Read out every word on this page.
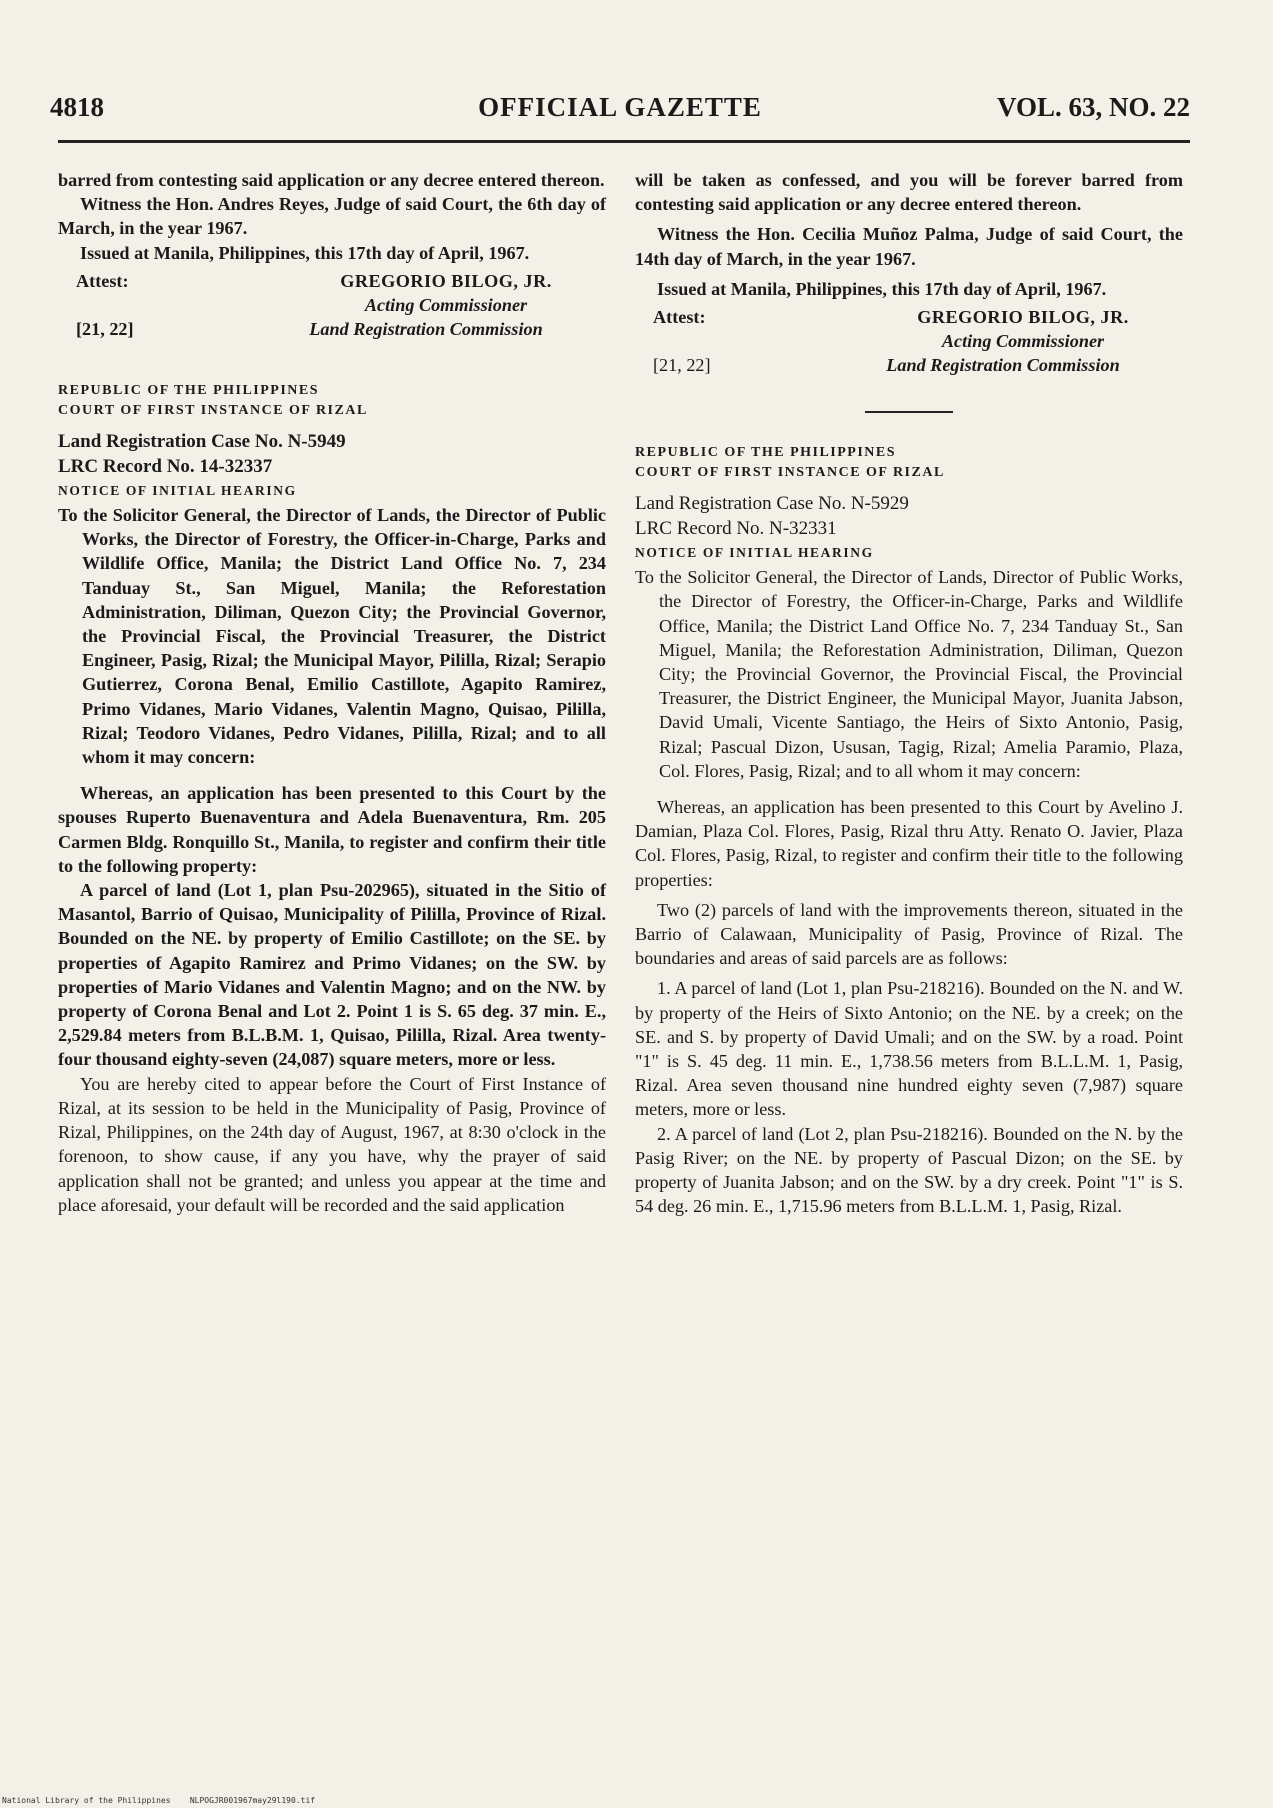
4818	OFFICIAL GAZETTE	VOL. 63, NO. 22

barred from contesting said application or any decree entered thereon.

Witness the Hon. Andres Reyes, Judge of said Court, the 6th day of March, in the year 1967.

Issued at Manila, Philippines, this 17th day of April, 1967.

Attest:	GREGORIO BILOG, JR.
Acting Commissioner
[21, 22]	Land Registration Commission

REPUBLIC OF THE PHILIPPINES

COURT OF FIRST INSTANCE OF RIZAL

Land Registration Case No. N-5949

LRC Record No. 14-32337

NOTICE OF INITIAL HEARING

To the Solicitor General, the Director of Lands, the Director of Public Works, the Director of Forestry, the Officer-in-Charge, Parks and Wildlife Office, Manila; the District Land Office No. 7, 234 Tanduay St., San Miguel, Manila; the Reforestation Administration, Diliman, Quezon City; the Provincial Governor, the Provincial Fiscal, the Provincial Treasurer, the District Engineer, Pasig, Rizal; the Municipal Mayor, Pililla, Rizal; Serapio Gutierrez, Corona Benal, Emilio Castillote, Agapito Ramirez, Primo Vidanes, Mario Vidanes, Valentin Magno, Quisao, Pililla, Rizal; Teodoro Vidanes, Pedro Vidanes, Pililla, Rizal; and to all whom it may concern:

Whereas, an application has been presented to this Court by the spouses Ruperto Buenaventura and Adela Buenaventura, Rm. 205 Carmen Bldg. Ronquillo St., Manila, to register and confirm their title to the following property:

A parcel of land (Lot 1, plan Psu-202965), situated in the Sitio of Masantol, Barrio of Quisao, Municipality of Pililla, Province of Rizal. Bounded on the NE. by property of Emilio Castillote; on the SE. by properties of Agapito Ramirez and Primo Vidanes; on the SW. by properties of Mario Vidanes and Valentin Magno; and on the NW. by property of Corona Benal and Lot 2. Point 1 is S. 65 deg. 37 min. E., 2,529.84 meters from B.L.B.M. 1, Quisao, Pililla, Rizal. Area twenty-four thousand eighty-seven (24,087) square meters, more or less.

You are hereby cited to appear before the Court of First Instance of Rizal, at its session to be held in the Municipality of Pasig, Province of Rizal, Philippines, on the 24th day of August, 1967, at 8:30 o'clock in the forenoon, to show cause, if any you have, why the prayer of said application shall not be granted; and unless you appear at the time and place aforesaid, your default will be recorded and the said application

will be taken as confessed, and you will be forever barred from contesting said application or any decree entered thereon.

Witness the Hon. Cecilia Muñoz Palma, Judge of said Court, the 14th day of March, in the year 1967.

Issued at Manila, Philippines, this 17th day of April, 1967.

Attest:	GREGORIO BILOG, JR.
Acting Commissioner
[21, 22]	Land Registration Commission

REPUBLIC OF THE PHILIPPINES

COURT OF FIRST INSTANCE OF RIZAL

Land Registration Case No. N-5929

LRC Record No. N-32331

NOTICE OF INITIAL HEARING

To the Solicitor General, the Director of Lands, Director of Public Works, the Director of Forestry, the Officer-in-Charge, Parks and Wildlife Office, Manila; the District Land Office No. 7, 234 Tanduay St., San Miguel, Manila; the Reforestation Administration, Diliman, Quezon City; the Provincial Governor, the Provincial Fiscal, the Provincial Treasurer, the District Engineer, the Municipal Mayor, Juanita Jabson, David Umali, Vicente Santiago, the Heirs of Sixto Antonio, Pasig, Rizal; Pascual Dizon, Ususan, Tagig, Rizal; Amelia Paramio, Plaza, Col. Flores, Pasig, Rizal; and to all whom it may concern:

Whereas, an application has been presented to this Court by Avelino J. Damian, Plaza Col. Flores, Pasig, Rizal thru Atty. Renato O. Javier, Plaza Col. Flores, Pasig, Rizal, to register and confirm their title to the following properties:

Two (2) parcels of land with the improvements thereon, situated in the Barrio of Calawaan, Municipality of Pasig, Province of Rizal. The boundaries and areas of said parcels are as follows:

1. A parcel of land (Lot 1, plan Psu-218216). Bounded on the N. and W. by property of the Heirs of Sixto Antonio; on the NE. by a creek; on the SE. and S. by property of David Umali; and on the SW. by a road. Point "1" is S. 45 deg. 11 min. E., 1,738.56 meters from B.L.L.M. 1, Pasig, Rizal. Area seven thousand nine hundred eighty seven (7,987) square meters, more or less.

2. A parcel of land (Lot 2, plan Psu-218216). Bounded on the N. by the Pasig River; on the NE. by property of Pascual Dizon; on the SE. by property of Juanita Jabson; and on the SW. by a dry creek. Point "1" is S. 54 deg. 26 min. E., 1,715.96 meters from B.L.L.M. 1, Pasig, Rizal.

National Library of the Philippines NLPOGJR001967may29l190.tif
